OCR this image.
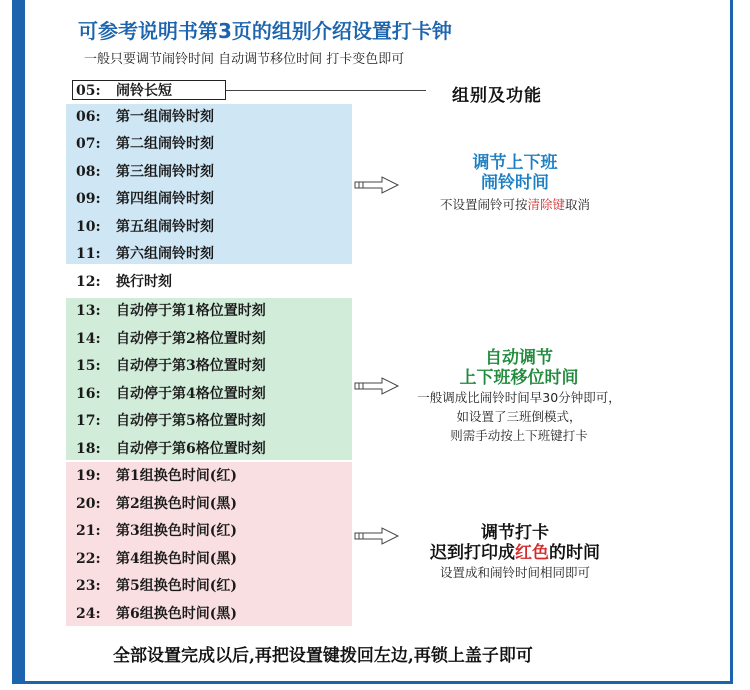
可参考说明书第3页的组别介绍设置打卡钟
一般只要调节闹铃时间 自动调节移位时间 打卡变色即可
组别及功能
05: 闹铃长短
06: 第一组闹铃时刻
07: 第二组闹铃时刻
08: 第三组闹铃时刻
09: 第四组闹铃时刻
10: 第五组闹铃时刻
11: 第六组闹铃时刻
12: 换行时刻
13: 自动停于第1格位置时刻
14: 自动停于第2格位置时刻
15: 自动停于第3格位置时刻
16: 自动停于第4格位置时刻
17: 自动停于第5格位置时刻
18: 自动停于第6格位置时刻
19: 第1组换色时间(红)
20: 第2组换色时间(黑)
21: 第3组换色时间(红)
22: 第4组换色时间(黑)
23: 第5组换色时间(红)
24: 第6组换色时间(黑)
调节上下班
闹铃时间
不设置闹铃可按清除键取消
自动调节
上下班移位时间
一般调成比闹铃时间早30分钟即可，
如设置了三班倒模式，
则需手动按上下班键打卡
调节打卡
迟到打印成红色的时间
设置成和闹铃时间相同即可
全部设置完成以后,再把设置键拨回左边,再锁上盖子即可
